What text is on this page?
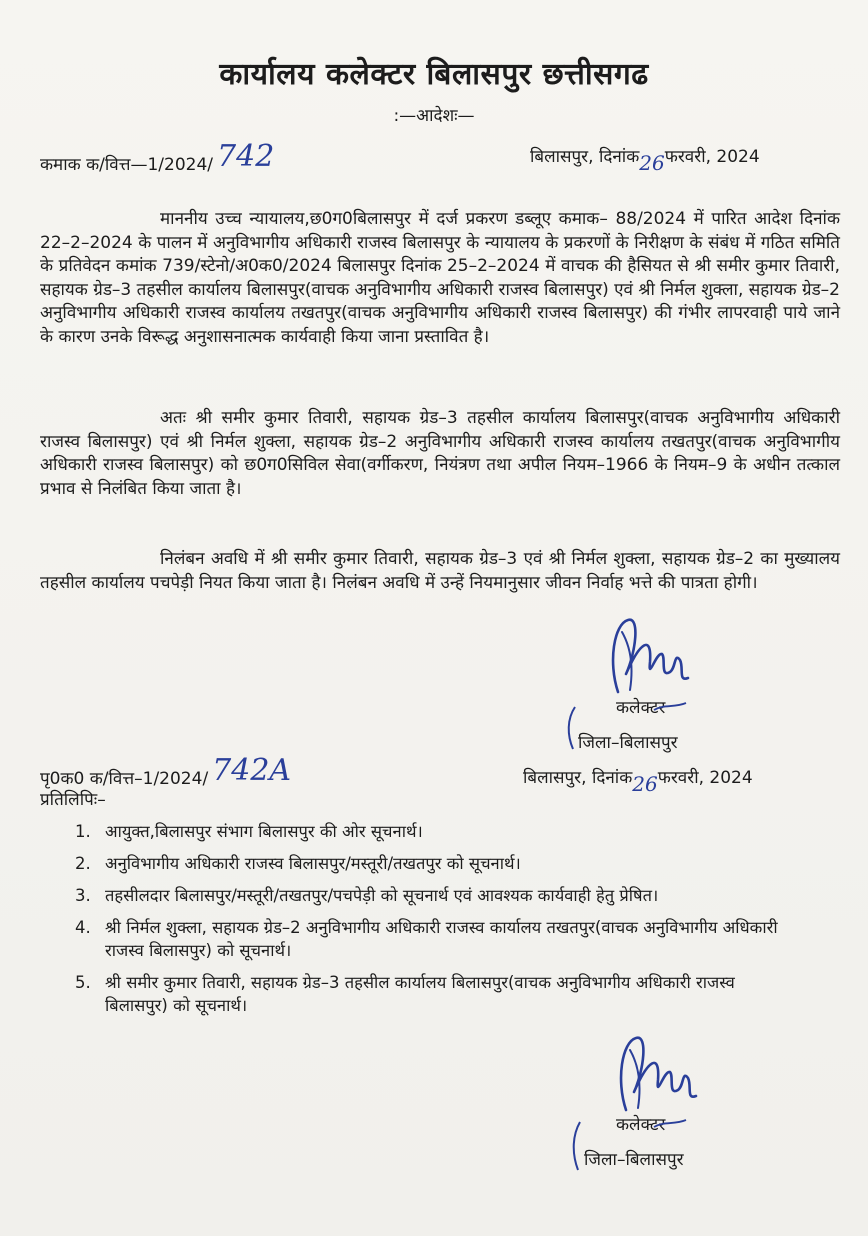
कार्यालय कलेक्टर बिलासपुर छत्तीसगढ
:—आदेशः—
कमाक क/वित्त—1/2024/ 742	बिलासपुर, दिनांक26फरवरी, 2024
माननीय उच्च न्यायालय,छ0ग0बिलासपुर में दर्ज प्रकरण डब्लूए कमाक– 88/2024 में पारित आदेश दिनांक 22–2–2024 के पालन में अनुविभागीय अधिकारी राजस्व बिलासपुर के न्यायालय के प्रकरणों के निरीक्षण के संबंध में गठित समिति के प्रतिवेदन कमांक 739/स्टेनो/अ0क0/2024 बिलासपुर दिनांक 25–2–2024 में वाचक की हैसियत से श्री समीर कुमार तिवारी, सहायक ग्रेड–3 तहसील कार्यालय बिलासपुर(वाचक अनुविभागीय अधिकारी राजस्व बिलासपुर) एवं श्री निर्मल शुक्ला, सहायक ग्रेड–2 अनुविभागीय अधिकारी राजस्व कार्यालय तखतपुर(वाचक अनुविभागीय अधिकारी राजस्व बिलासपुर) की गंभीर लापरवाही पाये जाने के कारण उनके विरूद्ध अनुशासनात्मक कार्यवाही किया जाना प्रस्तावित है।
अतः श्री समीर कुमार तिवारी, सहायक ग्रेड–3 तहसील कार्यालय बिलासपुर(वाचक अनुविभागीय अधिकारी राजस्व बिलासपुर) एवं श्री निर्मल शुक्ला, सहायक ग्रेड–2 अनुविभागीय अधिकारी राजस्व कार्यालय तखतपुर(वाचक अनुविभागीय अधिकारी राजस्व बिलासपुर) को छ0ग0सिविल सेवा(वर्गीकरण, नियंत्रण तथा अपील नियम–1966 के नियम–9 के अधीन तत्काल प्रभाव से निलंबित किया जाता है।
निलंबन अवधि में श्री समीर कुमार तिवारी, सहायक ग्रेड–3 एवं श्री निर्मल शुक्ला, सहायक ग्रेड–2 का मुख्यालय तहसील कार्यालय पचपेड़ी नियत किया जाता है। निलंबन अवधि में उन्हें नियमानुसार जीवन निर्वाह भत्ते की पात्रता होगी।
कलेक्टर
जिला–बिलासपुर
पृ0क0 क/वित्त–1/2024/ 742A	बिलासपुर, दिनांक26फरवरी, 2024
प्रतिलिपिः–
1. आयुक्त,बिलासपुर संभाग बिलासपुर की ओर सूचनार्थ।
2. अनुविभागीय अधिकारी राजस्व बिलासपुर/मस्तूरी/तखतपुर को सूचनार्थ।
3. तहसीलदार बिलासपुर/मस्तूरी/तखतपुर/पचपेड़ी को सूचनार्थ एवं आवश्यक कार्यवाही हेतु प्रेषित।
4. श्री निर्मल शुक्ला, सहायक ग्रेड–2 अनुविभागीय अधिकारी राजस्व कार्यालय तखतपुर(वाचक अनुविभागीय अधिकारी राजस्व बिलासपुर) को सूचनार्थ।
5. श्री समीर कुमार तिवारी, सहायक ग्रेड–3 तहसील कार्यालय बिलासपुर(वाचक अनुविभागीय अधिकारी राजस्व बिलासपुर) को सूचनार्थ।
कलेक्टर
जिला–बिलासपुर
